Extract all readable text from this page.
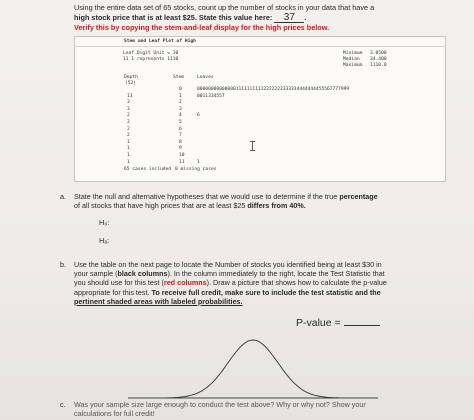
Using the entire data set of 65 stocks, count up the number of stocks in your data that have a
high stock price that is at least $25. State this value here: 37 .
Verify this by copying the stem-and-leaf display for the high prices below.
Stem and Leaf Plot of High
Leaf Digit Unit = 10
11 1 represents 1110
Minimum 3.0500
Median 34.400
Maximum 1110.0
Depth	Stem	Leaves
(52)
0	0000000000000011111111112222222333334444444455567777999
13	1	0011334557
3	2
3	3
2	4	6
2	5
2	6
2	7
1	8
1	9
1	10
1	11	1
65 cases included 0 missing cases
a. State the null and alternative hypotheses that we would use to determine if the true percentage
of all stocks that have high prices that are at least $25 differs from 40%.
H₀:
Hₐ:
b. Use the table on the next page to locate the Number of stocks you identified being at least $30 in
your sample (black columns). In the column immediately to the right, locate the Test Statistic that
you should use for this test (red columns). Draw a picture that shows how to calculate the p-value
appropriate for this test. To receive full credit, make sure to include the test statistic and the
pertinent shaded areas with labeled probabilities.
P-value =
c. Was your sample size large enough to conduct the test above? Why or why not? Show your
calculations for full credit!
